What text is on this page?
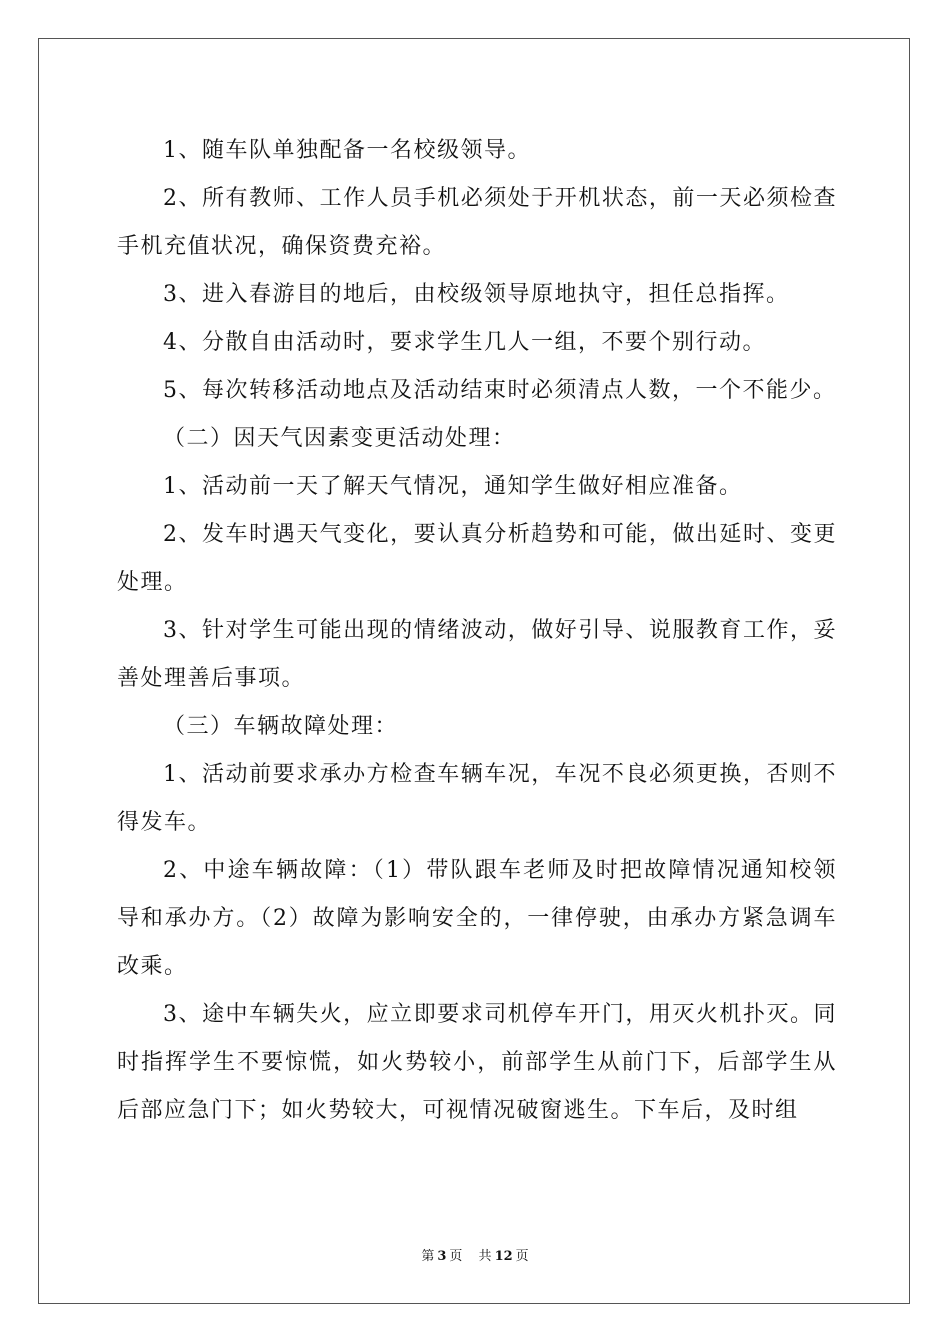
1、随车队单独配备一名校级领导。

2、所有教师、工作人员手机必须处于开机状态，前一天必须检查手机充值状况，确保资费充裕。

3、进入春游目的地后，由校级领导原地执守，担任总指挥。

4、分散自由活动时，要求学生几人一组，不要个别行动。

5、每次转移活动地点及活动结束时必须清点人数，一个不能少。

（二）因天气因素变更活动处理：

1、活动前一天了解天气情况，通知学生做好相应准备。

2、发车时遇天气变化，要认真分析趋势和可能，做出延时、变更处理。

3、针对学生可能出现的情绪波动，做好引导、说服教育工作，妥善处理善后事项。

（三）车辆故障处理：

1、活动前要求承办方检查车辆车况，车况不良必须更换，否则不得发车。

2、中途车辆故障：（1）带队跟车老师及时把故障情况通知校领导和承办方。（2）故障为影响安全的，一律停驶，由承办方紧急调车改乘。

3、途中车辆失火，应立即要求司机停车开门，用灭火机扑灭。同时指挥学生不要惊慌，如火势较小，前部学生从前门下，后部学生从后部应急门下；如火势较大，可视情况破窗逃生。下车后，及时组

第 3 页 共 12 页
